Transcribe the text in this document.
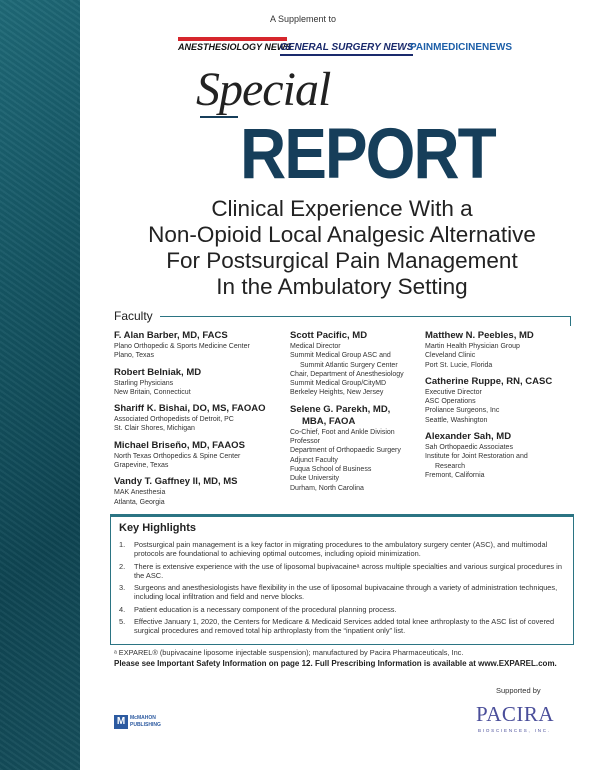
A Supplement to
ANESTHESIOLOGY NEWS
GENERAL SURGERY NEWS
PAINMEDICINENEWS
Special
REPORT
Clinical Experience With a
Non-Opioid Local Analgesic Alternative
For Postsurgical Pain Management
In the Ambulatory Setting
Faculty
F. Alan Barber, MD, FACS
Plano Orthopedic & Sports Medicine Center
Plano, Texas
Robert Belniak, MD
Starling Physicians
New Britain, Connecticut
Shariff K. Bishai, DO, MS, FAOAO
Associated Orthopedists of Detroit, PC
St. Clair Shores, Michigan
Michael Briseño, MD, FAAOS
North Texas Orthopedics & Spine Center
Grapevine, Texas
Vandy T. Gaffney II, MD, MS
MAK Anesthesia
Atlanta, Georgia
Scott Pacific, MD
Medical Director
Summit Medical Group ASC and
Summit Atlantic Surgery Center
Chair, Department of Anesthesiology
Summit Medical Group/CityMD
Berkeley Heights, New Jersey
Selene G. Parekh, MD,
MBA, FAOA
Co-Chief, Foot and Ankle Division
Professor
Department of Orthopaedic Surgery
Adjunct Faculty
Fuqua School of Business
Duke University
Durham, North Carolina
Matthew N. Peebles, MD
Martin Health Physician Group
Cleveland Clinic
Port St. Lucie, Florida
Catherine Ruppe, RN, CASC
Executive Director
ASC Operations
Proliance Surgeons, Inc
Seattle, Washington
Alexander Sah, MD
Sah Orthopaedic Associates
Institute for Joint Restoration and
Research
Fremont, California
Key Highlights
1. Postsurgical pain management is a key factor in migrating procedures to the ambulatory surgery center (ASC), and multimodal protocols are foundational to achieving optimal outcomes, including opioid minimization.
2. There is extensive experience with the use of liposomal bupivacaineᵃ across multiple specialties and various surgical procedures in the ASC.
3. Surgeons and anesthesiologists have flexibility in the use of liposomal bupivacaine through a variety of administration techniques, including local infiltration and field and nerve blocks.
4. Patient education is a necessary component of the procedural planning process.
5. Effective January 1, 2020, the Centers for Medicare & Medicaid Services added total knee arthroplasty to the ASC list of covered surgical procedures and removed total hip arthroplasty from the “inpatient only” list.
ᵃ EXPAREL® (bupivacaine liposome injectable suspension); manufactured by Pacira Pharmaceuticals, Inc.
Please see Important Safety Information on page 12. Full Prescribing Information is available at www.EXPAREL.com.
Supported by
PACIRA
BIOSCIENCES, INC.
M
McMAHON
PUBLISHING
